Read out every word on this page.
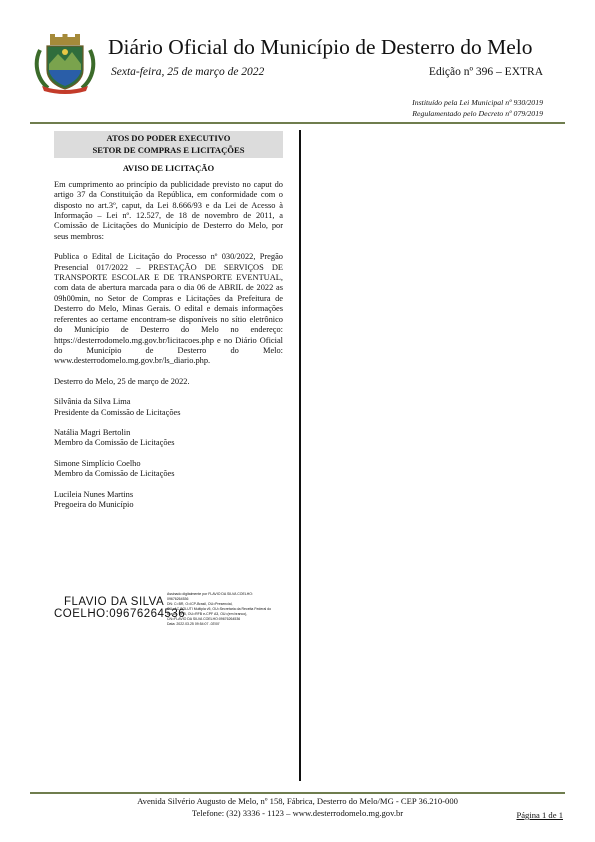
Diário Oficial do Município de Desterro do Melo
Sexta-feira, 25 de março de 2022	Edição nº 396 – EXTRA
Instituído pela Lei Municipal nº 930/2019
Regulamentado pelo Decreto nº 079/2019
ATOS DO PODER EXECUTIVO
SETOR DE COMPRAS E LICITAÇÕES
AVISO DE LICITAÇÃO

Em cumprimento ao princípio da publicidade previsto no caput do artigo 37 da Constituição da República, em conformidade com o disposto no art.3º, caput, da Lei 8.666/93 e da Lei de Acesso à Informação – Lei nº. 12.527, de 18 de novembro de 2011, a Comissão de Licitações do Município de Desterro do Melo, por seus membros:

Publica o Edital de Licitação do Processo nº 030/2022, Pregão Presencial 017/2022 – PRESTAÇÃO DE SERVIÇOS DE TRANSPORTE ESCOLAR E DE TRANSPORTE EVENTUAL, com data de abertura marcada para o dia 06 de ABRIL de 2022 as 09h00min, no Setor de Compras e Licitações da Prefeitura de Desterro do Melo, Minas Gerais. O edital e demais informações referentes ao certame encontram-se disponíveis no sítio eletrônico do Município de Desterro do Melo no endereço: https://desterrodomelo.mg.gov.br/licitacoes.php e no Diário Oficial do Município de Desterro do Melo: www.desterrodomelo.mg.gov.br/ls_diario.php.

Desterro do Melo, 25 de março de 2022.

Silvânia da Silva Lima
Presidente da Comissão de Licitações
Natália Magri Bertolin
Membro da Comissão de Licitações
Simone Simplício Coelho
Membro da Comissão de Licitações
Lucileia Nunes Martins
Pregoeira do Município
FLAVIO DA SILVA
COELHO:09676264536
Assinado digitalmente por FLAVIO DA SILVA COELHO:
09676264536
DN: C=BR, O=ICP-Brasil, OU=Presencial,
OU=AC SOLUTI Multipla v5, OU=Secretaria da Receita Federal do
Brasil - RFB, OU=RFB e-CPF A3, OU=(em branco),
CN=FLAVIO DA SILVA COELHO:09676264536
Data: 2022.03.25 09:54:07 -03'00'
Avenida Silvério Augusto de Melo, nº 158, Fábrica, Desterro do Melo/MG - CEP 36.210-000
Telefone: (32) 3336 - 1123 – www.desterrodomelo.mg.gov.br	Página 1 de 1
